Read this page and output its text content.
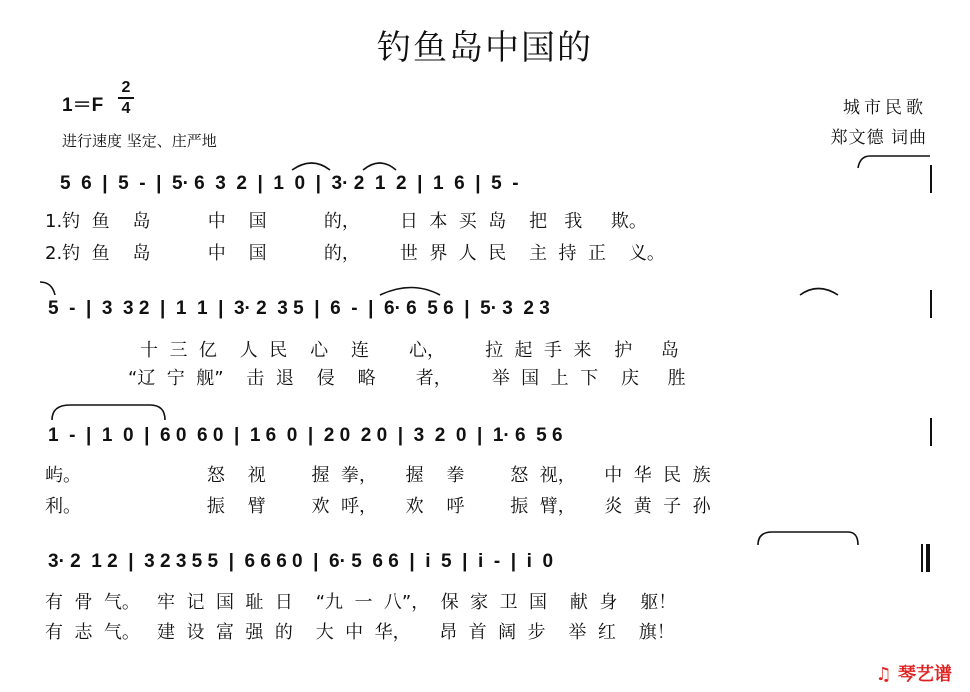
钓鱼岛中国的
1＝F
2
4
进行速度 坚定、庄严地
城市民歌
郑文德 词曲
5  6  |  5  -  |  5· 6  3  2  |  1  0  |  3· 2  1  2  |  1  6  |  5  -
1.钓  鱼    岛          中    国          的，       日  本  买  岛    把   我     欺。
2.钓  鱼    岛          中    国          的，       世  界  人  民    主  持  正    义。
5  -  |  3  3 2  |  1  1  |  3· 2  3 5  |  6  -  |  6· 6  5 6  |  5· 3  2 3
十  三  亿    人  民    心    连       心，       拉  起  手  来    护     岛
“辽  宁  舰”    击  退    侵    略       者，       举  国  上  下    庆     胜
1  -  |  1  0  |  6 0  6 0  |  1 6  0  |  2 0  2 0  |  3  2  0  |  1· 6  5 6
屿。                      怒    视        握  拳，     握    拳        怒  视，     中  华  民  族
利。                      振    臂        欢  呼，     欢    呼        振  臂，     炎  黄  子  孙
3· 2  1 2  |  3 2 3 5 5  |  6 6 6 0  |  6· 5  6 6  |  i  5  |  i  -  |  i  0
有  骨  气。   牢  记  国  耻  日    “九  一  八”，  保  家  卫  国    献  身    躯！
有  志  气。   建  设  富  强  的    大  中  华，     昂  首  阔  步    举  红    旗！
♫ 琴艺谱
